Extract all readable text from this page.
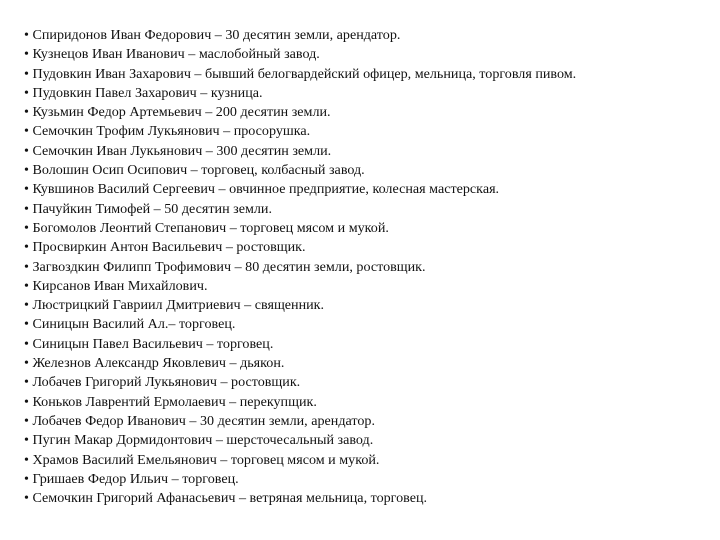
• Спиридонов Иван Федорович – 30 десятин земли, арендатор.
• Кузнецов Иван Иванович – маслобойный завод.
• Пудовкин Иван Захарович – бывший белогвардейский офицер, мельница, торговля пивом.
• Пудовкин Павел Захарович – кузница.
• Кузьмин Федор Артемьевич – 200 десятин земли.
• Семочкин Трофим Лукьянович – просорушка.
• Семочкин Иван Лукьянович – 300 десятин земли.
• Волошин Осип Осипович – торговец, колбасный завод.
• Кувшинов Василий Сергеевич – овчинное предприятие, колесная мастерская.
• Пачуйкин Тимофей – 50 десятин земли.
• Богомолов Леонтий Степанович – торговец мясом и мукой.
• Просвиркин Антон Васильевич – ростовщик.
• Загвоздкин Филипп Трофимович – 80 десятин земли, ростовщик.
• Кирсанов Иван Михайлович.
• Люстрицкий Гавриил Дмитриевич – священник.
• Синицын Василий Ал.– торговец.
• Синицын Павел Васильевич – торговец.
• Железнов Александр Яковлевич – дьякон.
• Лобачев Григорий Лукьянович – ростовщик.
• Коньков Лаврентий Ермолаевич – перекупщик.
• Лобачев Федор Иванович – 30 десятин земли, арендатор.
• Пугин Макар Дормидонтович – шерсточесальный завод.
• Храмов Василий Емельянович – торговец мясом и мукой.
• Гришаев Федор Ильич – торговец.
• Семочкин Григорий Афанасьевич – ветряная мельница, торговец.
